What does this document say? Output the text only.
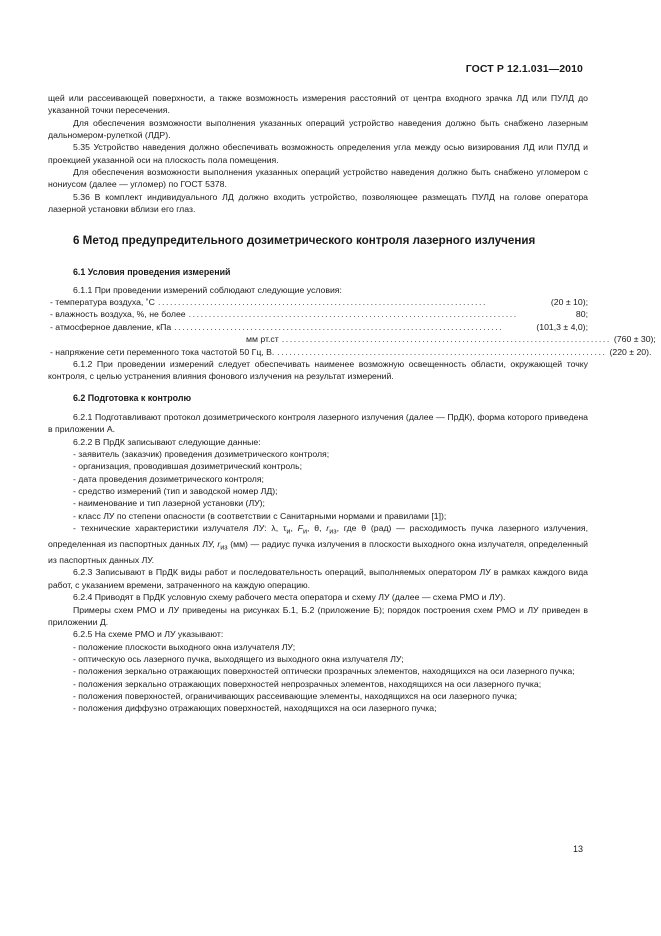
ГОСТ Р 12.1.031—2010

щей или рассеивающей поверхности, а также возможность измерения расстояний от центра входного зрачка ЛД или ПУЛД до указанной точки пересечения.

Для обеспечения возможности выполнения указанных операций устройство наведения должно быть снабжено лазерным дальномером-рулеткой (ЛДР).

5.35 Устройство наведения должно обеспечивать возможность определения угла между осью визирования ЛД или ПУЛД и проекцией указанной оси на плоскость пола помещения.

Для обеспечения возможности выполнения указанных операций устройство наведения должно быть снабжено угломером с нониусом (далее — угломер) по ГОСТ 5378.

5.36 В комплект индивидуального ЛД должно входить устройство, позволяющее размещать ПУЛД на голове оператора лазерной установки вблизи его глаз.

6 Метод предупредительного дозиметрического контроля лазерного излучения
6.1 Условия проведения измерений

6.1.1 При проведении измерений соблюдают следующие условия:

- температура воздуха, ˚С ..................................................................................	(20 ± 10);
- влажность воздуха, %, не более ..................................................................................	80;
- атмосферное давление, кПа ..................................................................................	(101,3 ± 4,0);
мм рт.ст .................................................................................. (760 ± 30);
- напряжение сети переменного тока частотой 50 Гц, В. .................................................................................. (220 ± 20).

6.1.2 При проведении измерений следует обеспечивать наименее возможную освещенность области, окружающей точку контроля, с целью устранения влияния фонового излучения на результат измерений.

6.2 Подготовка к контролю

6.2.1 Подготавливают протокол дозиметрического контроля лазерного излучения (далее — ПрДК), форма которого приведена в приложении А.

6.2.2 В ПрДК записывают следующие данные:

- заявитель (заказчик) проведения дозиметрического контроля;

- организация, проводившая дозиметрический контроль;

- дата проведения дозиметрического контроля;

- средство измерений (тип и заводской номер ЛД);

- наименование и тип лазерной установки (ЛУ);

- класс ЛУ по степени опасности (в соответствии с Санитарными нормами и правилами [1]);

- технические характеристики излучателя ЛУ: λ, $\tau_и$, $F_и$, θ, $r_{из}$, где θ (рад) — расходимость пучка лазерного излучения, определенная из паспортных данных ЛУ, $r_{из}$ (мм) — радиус пучка излучения в плоскости выходного окна излучателя, определенный из паспортных данных ЛУ.

6.2.3 Записывают в ПрДК виды работ и последовательность операций, выполняемых оператором ЛУ в рамках каждого вида работ, с указанием времени, затраченного на каждую операцию.

6.2.4 Приводят в ПрДК условную схему рабочего места оператора и схему ЛУ (далее — схема РМО и ЛУ).

Примеры схем РМО и ЛУ приведены на рисунках Б.1, Б.2 (приложение Б); порядок построения схем РМО и ЛУ приведен в приложении Д.

6.2.5 На схеме РМО и ЛУ указывают:

- положение плоскости выходного окна излучателя ЛУ;

- оптическую ось лазерного пучка, выходящего из выходного окна излучателя ЛУ;

- положения зеркально отражающих поверхностей оптически прозрачных элементов, находящихся на оси лазерного пучка;

- положения зеркально отражающих поверхностей непрозрачных элементов, находящихся на оси лазерного пучка;

- положения поверхностей, ограничивающих рассеивающие элементы, находящихся на оси лазерного пучка;

- положения диффузно отражающих поверхностей, находящихся на оси лазерного пучка;

13
